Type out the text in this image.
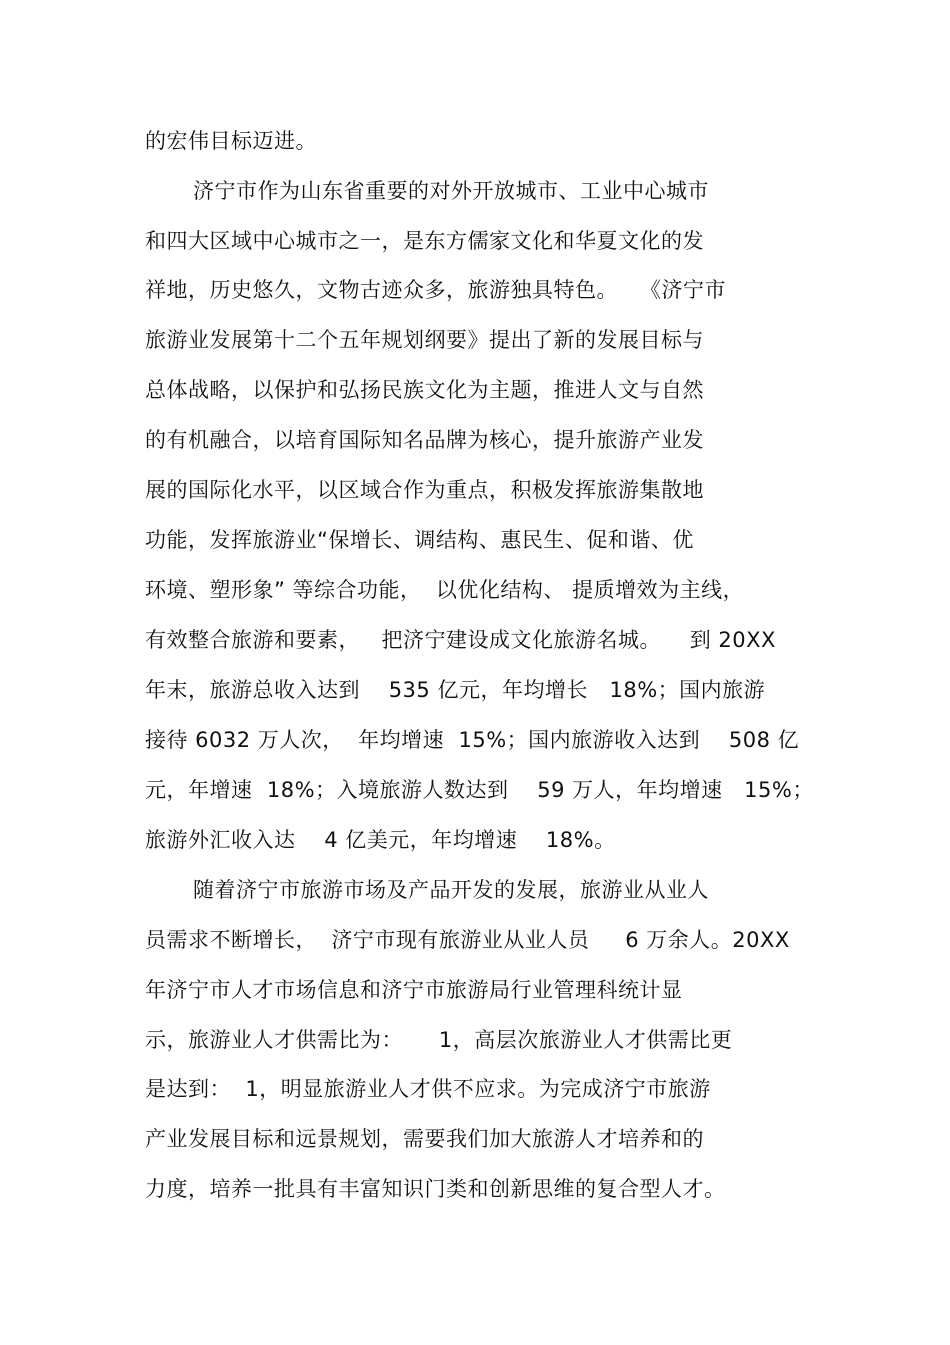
的宏伟目标迈进。
济宁市作为山东省重要的对外开放城市、工业中心城市
和四大区域中心城市之一，是东方儒家文化和华夏文化的发
祥地，历史悠久，文物古迹众多，旅游独具特色。　　《济宁市
旅游业发展第十二个五年规划纲要》提出了新的发展目标与
总体战略，以保护和弘扬民族文化为主题，推进人文与自然
的有机融合，以培育国际知名品牌为核心，提升旅游产业发
展的国际化水平，以区域合作为重点，积极发挥旅游集散地
功能，发挥旅游业“保增长、调结构、惠民生、促和谐、优
环境、塑形象” 等综合功能，  以优化结构、 提质增效为主线，
有效整合旅游和要素，   把济宁建设成文化旅游名城。    到 20XX
年末，旅游总收入达到    535 亿元，年均增长   18%；国内旅游
接待 6032 万人次，  年均增速  15%；国内旅游收入达到    508 亿
元，年增速  18%；入境旅游人数达到    59 万人，年均增速   15%；
旅游外汇收入达    4 亿美元，年均增速    18%。
随着济宁市旅游市场及产品开发的发展，旅游业从业人
员需求不断增长，  济宁市现有旅游业从业人员     6 万余人。20XX
年济宁市人才市场信息和济宁市旅游局行业管理科统计显
示，旅游业人才供需比为：     1，高层次旅游业人才供需比更
是达到：  1，明显旅游业人才供不应求。为完成济宁市旅游
产业发展目标和远景规划，需要我们加大旅游人才培养和的
力度，培养一批具有丰富知识门类和创新思维的复合型人才。
